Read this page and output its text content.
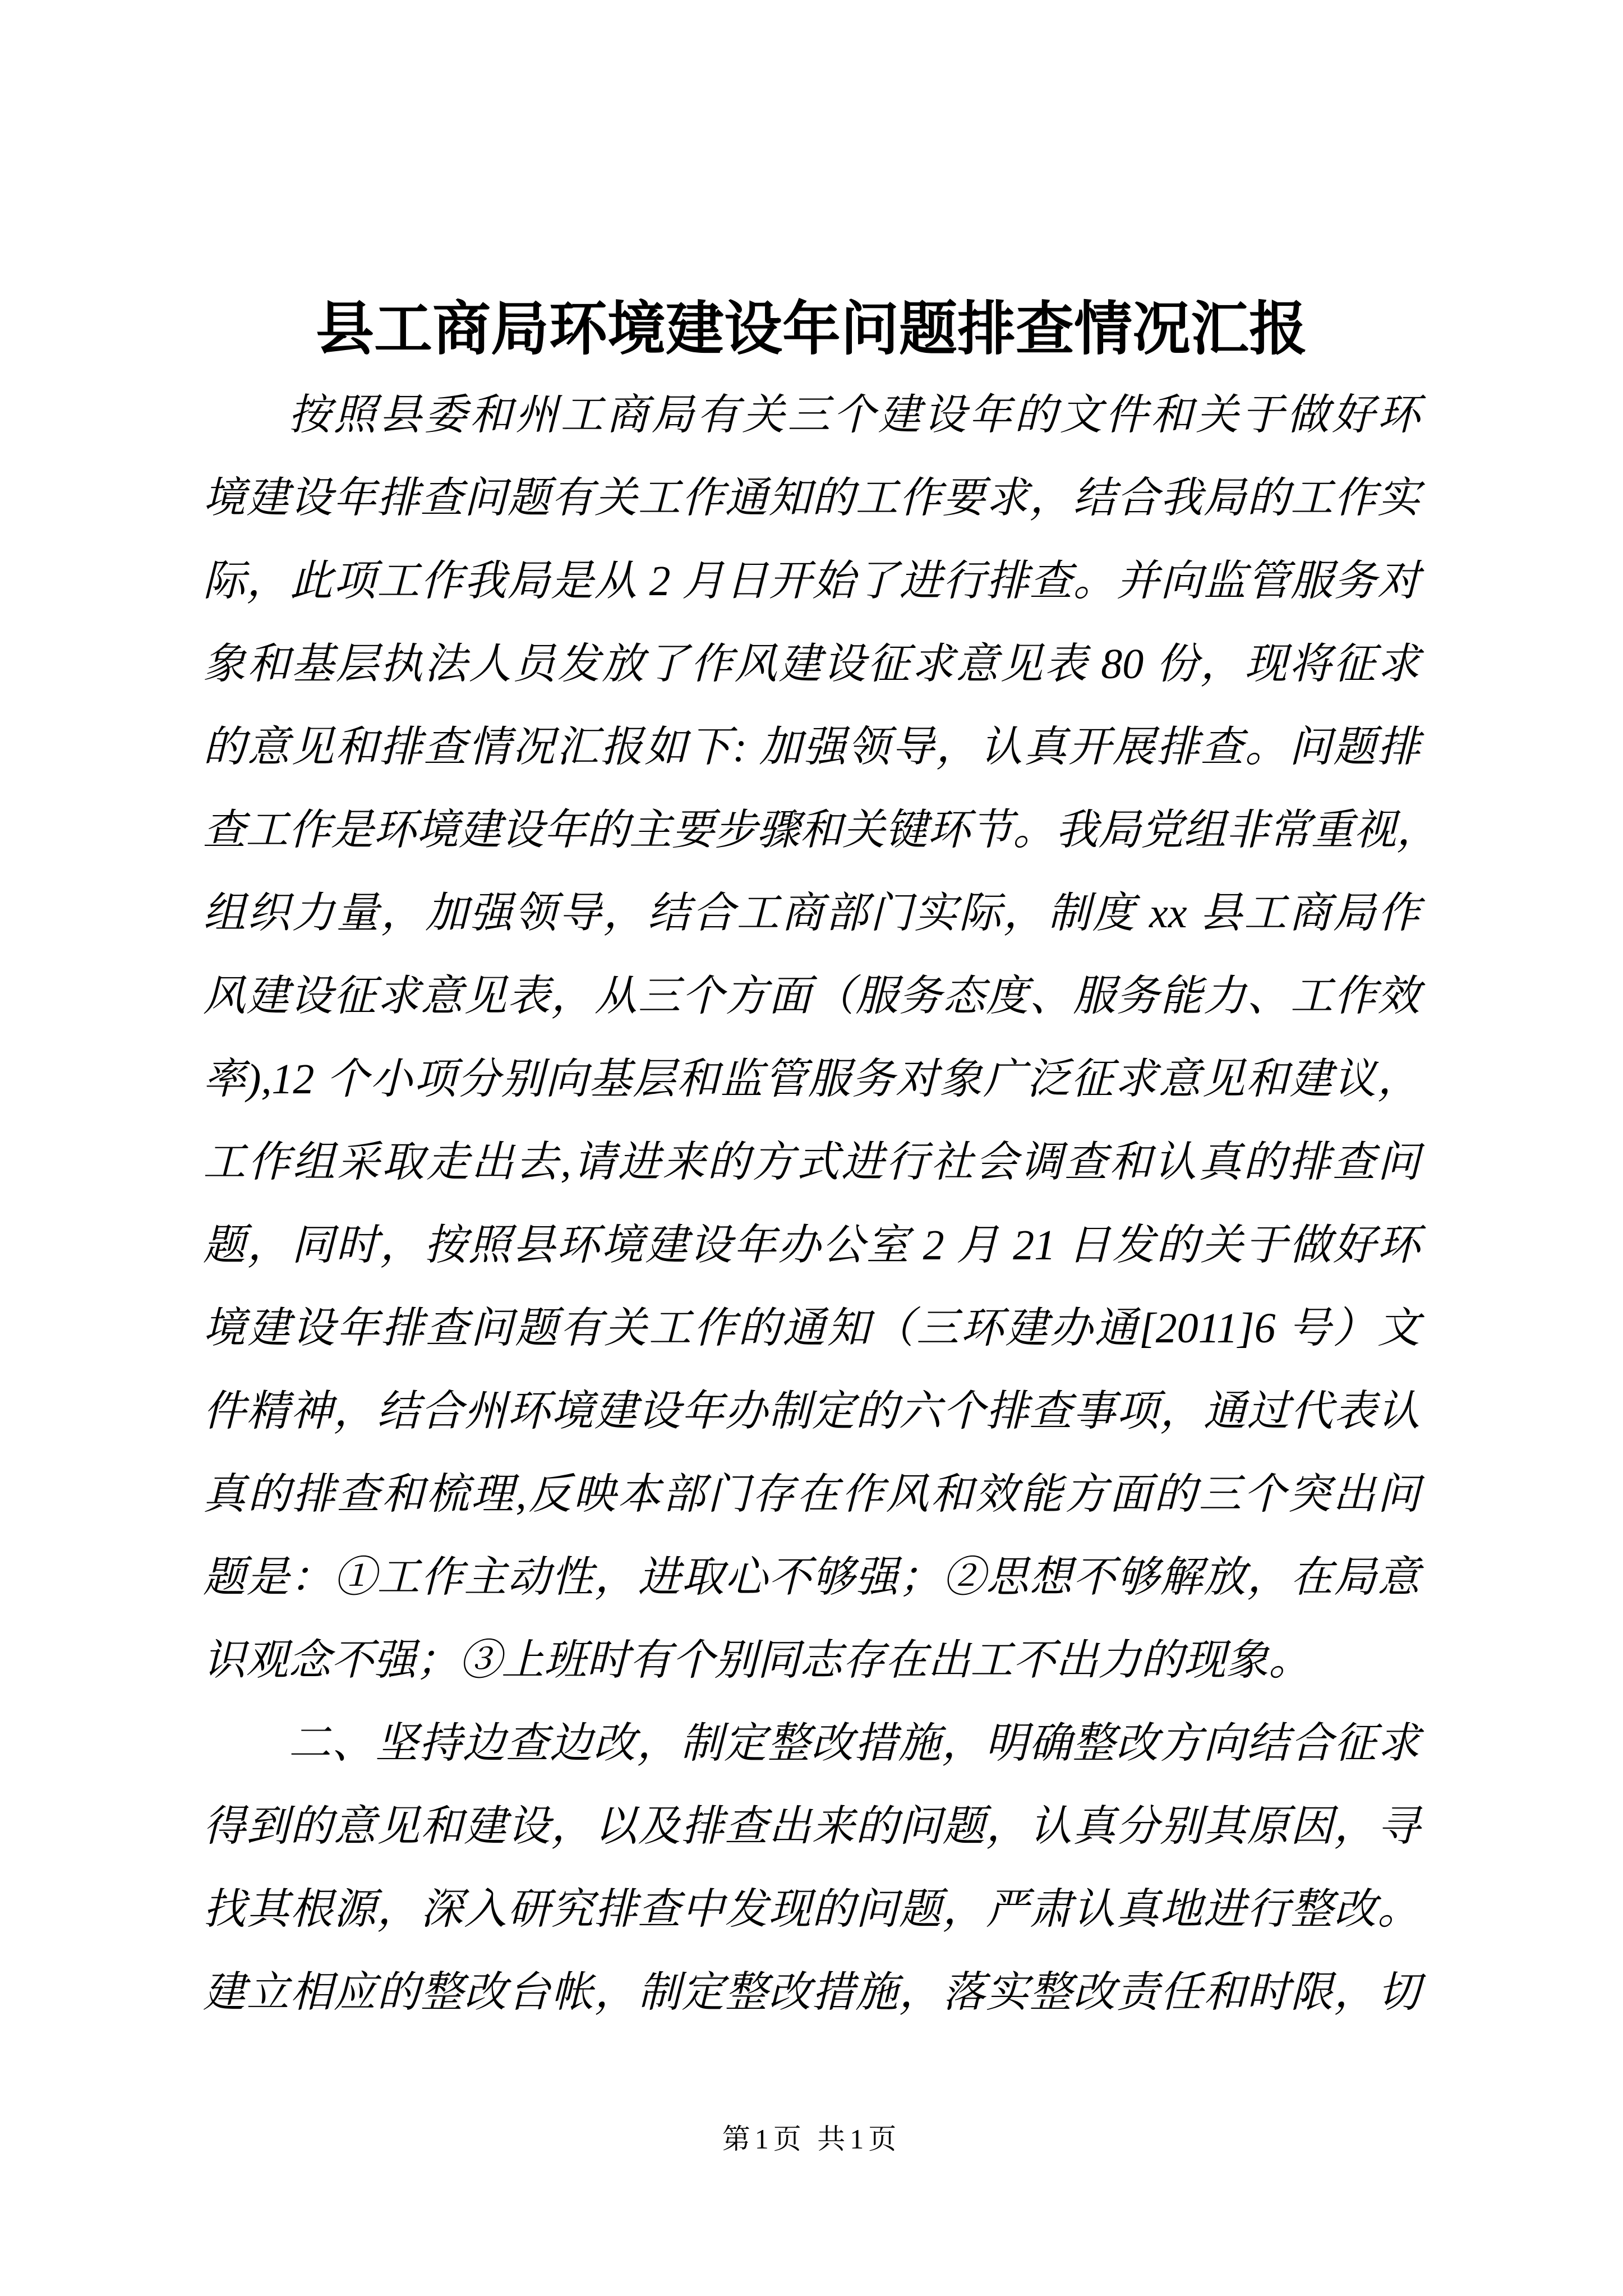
县工商局环境建设年问题排查情况汇报
按照县委和州工商局有关三个建设年的文件和关于做好环
境建设年排查问题有关工作通知的工作要求，结合我局的工作实
际，此项工作我局是从 2 月日开始了进行排查。并向监管服务对
象和基层执法人员发放了作风建设征求意见表 80 份，现将征求
的意见和排查情况汇报如下: 加强领导，认真开展排查。问题排
查工作是环境建设年的主要步骤和关键环节。我局党组非常重视，
组织力量，加强领导，结合工商部门实际，制度 xx 县工商局作
风建设征求意见表，从三个方面（服务态度、服务能力、工作效
率),12 个小项分别向基层和监管服务对象广泛征求意见和建议，
工作组采取走出去,请进来的方式进行社会调查和认真的排查问
题，同时，按照县环境建设年办公室 2 月 21 日发的关于做好环
境建设年排查问题有关工作的通知（三环建办通[2011]6 号）文
件精神，结合州环境建设年办制定的六个排查事项，通过代表认
真的排查和梳理,反映本部门存在作风和效能方面的三个突出问
题是：①工作主动性，进取心不够强；②思想不够解放，在局意
识观念不强；③上班时有个别同志存在出工不出力的现象。
二、坚持边查边改，制定整改措施，明确整改方向结合征求
得到的意见和建设，以及排查出来的问题，认真分别其原因，寻
找其根源，深入研究排查中发现的问题，严肃认真地进行整改。
建立相应的整改台帐，制定整改措施，落实整改责任和时限，切
第1页 共1页
